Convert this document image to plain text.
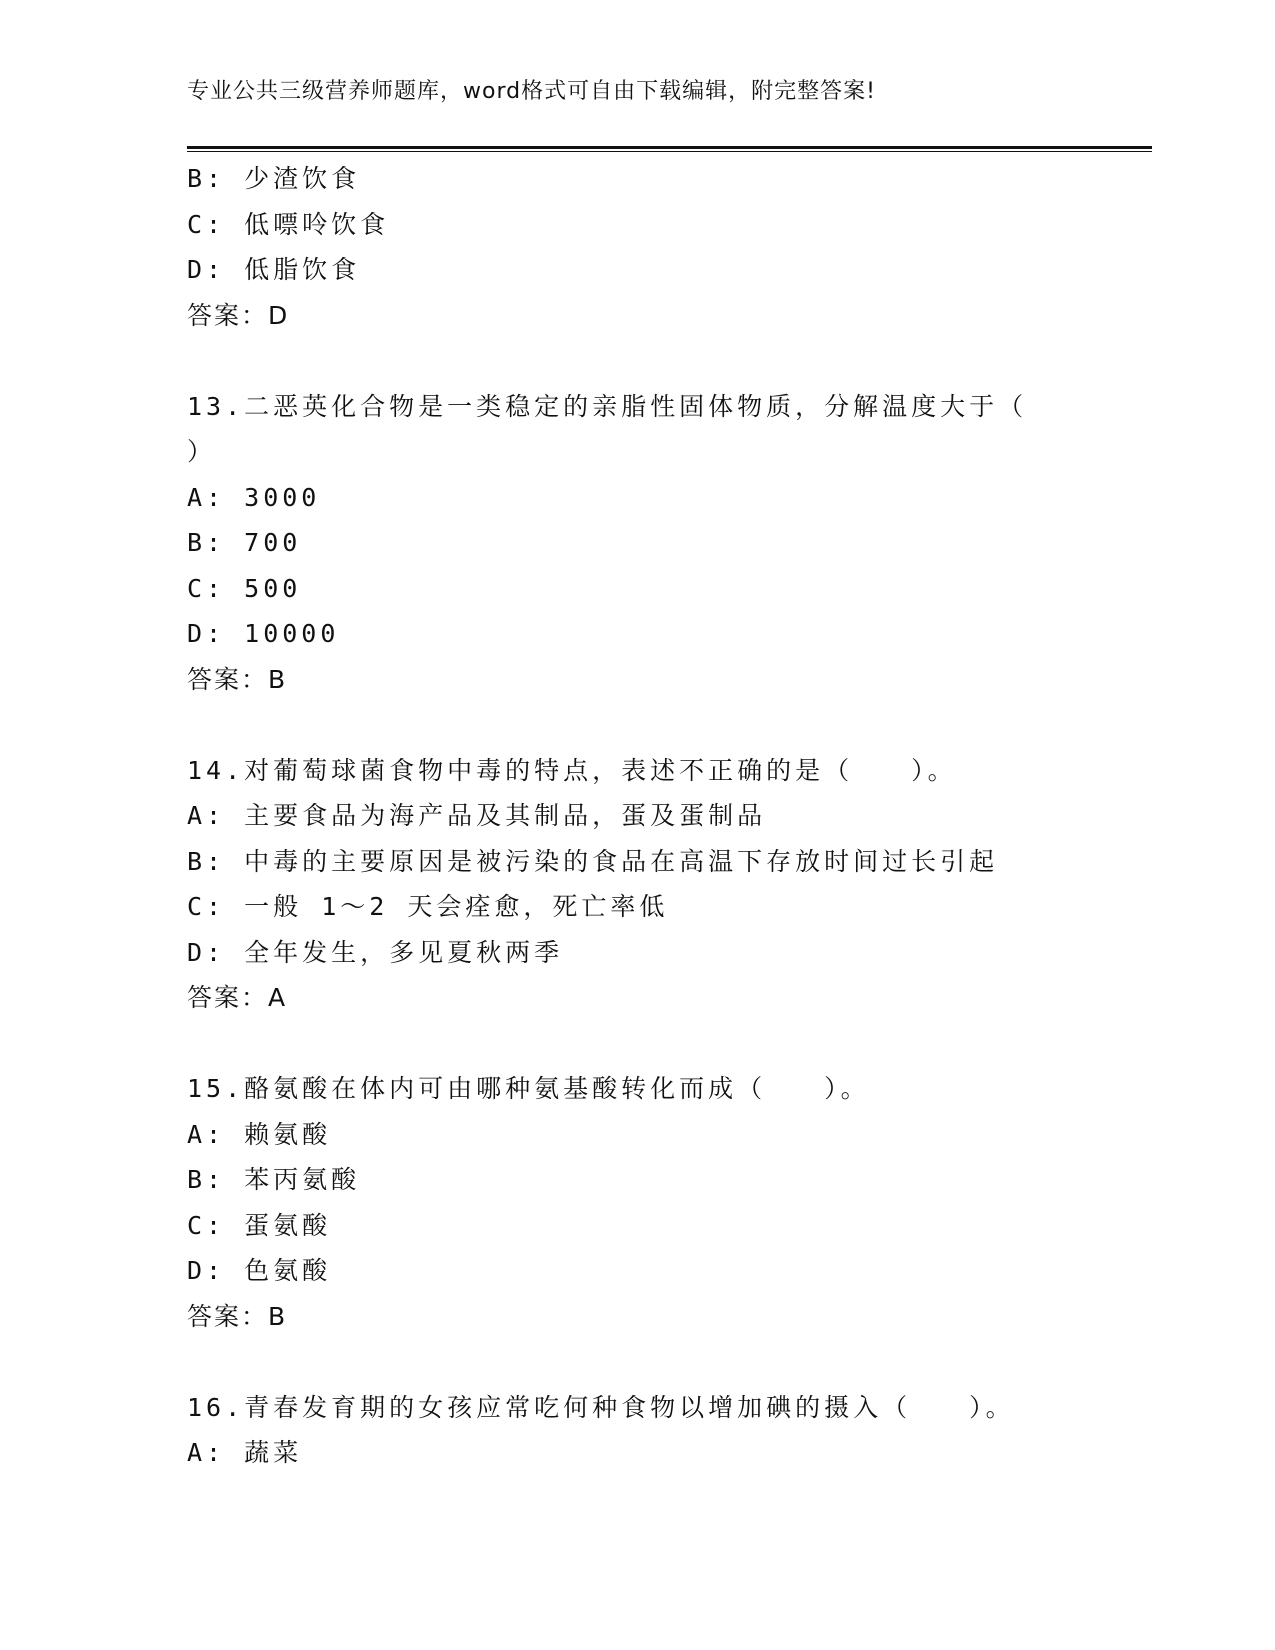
专业公共三级营养师题库，word格式可自由下载编辑，附完整答案!
B: 少渣饮食
C: 低嘌呤饮食
D: 低脂饮食
答案：D
13.二恶英化合物是一类稳定的亲脂性固体物质，分解温度大于（
）
A: 3000
B: 700
C: 500
D: 10000
答案：B
14.对葡萄球菌食物中毒的特点，表述不正确的是（　　）。
A: 主要食品为海产品及其制品，蛋及蛋制品
B: 中毒的主要原因是被污染的食品在高温下存放时间过长引起
C: 一般 1～2 天会痊愈，死亡率低
D: 全年发生，多见夏秋两季
答案：A
15.酪氨酸在体内可由哪种氨基酸转化而成（　　）。
A: 赖氨酸
B: 苯丙氨酸
C: 蛋氨酸
D: 色氨酸
答案：B
16.青春发育期的女孩应常吃何种食物以增加碘的摄入（　　）。
A: 蔬菜
